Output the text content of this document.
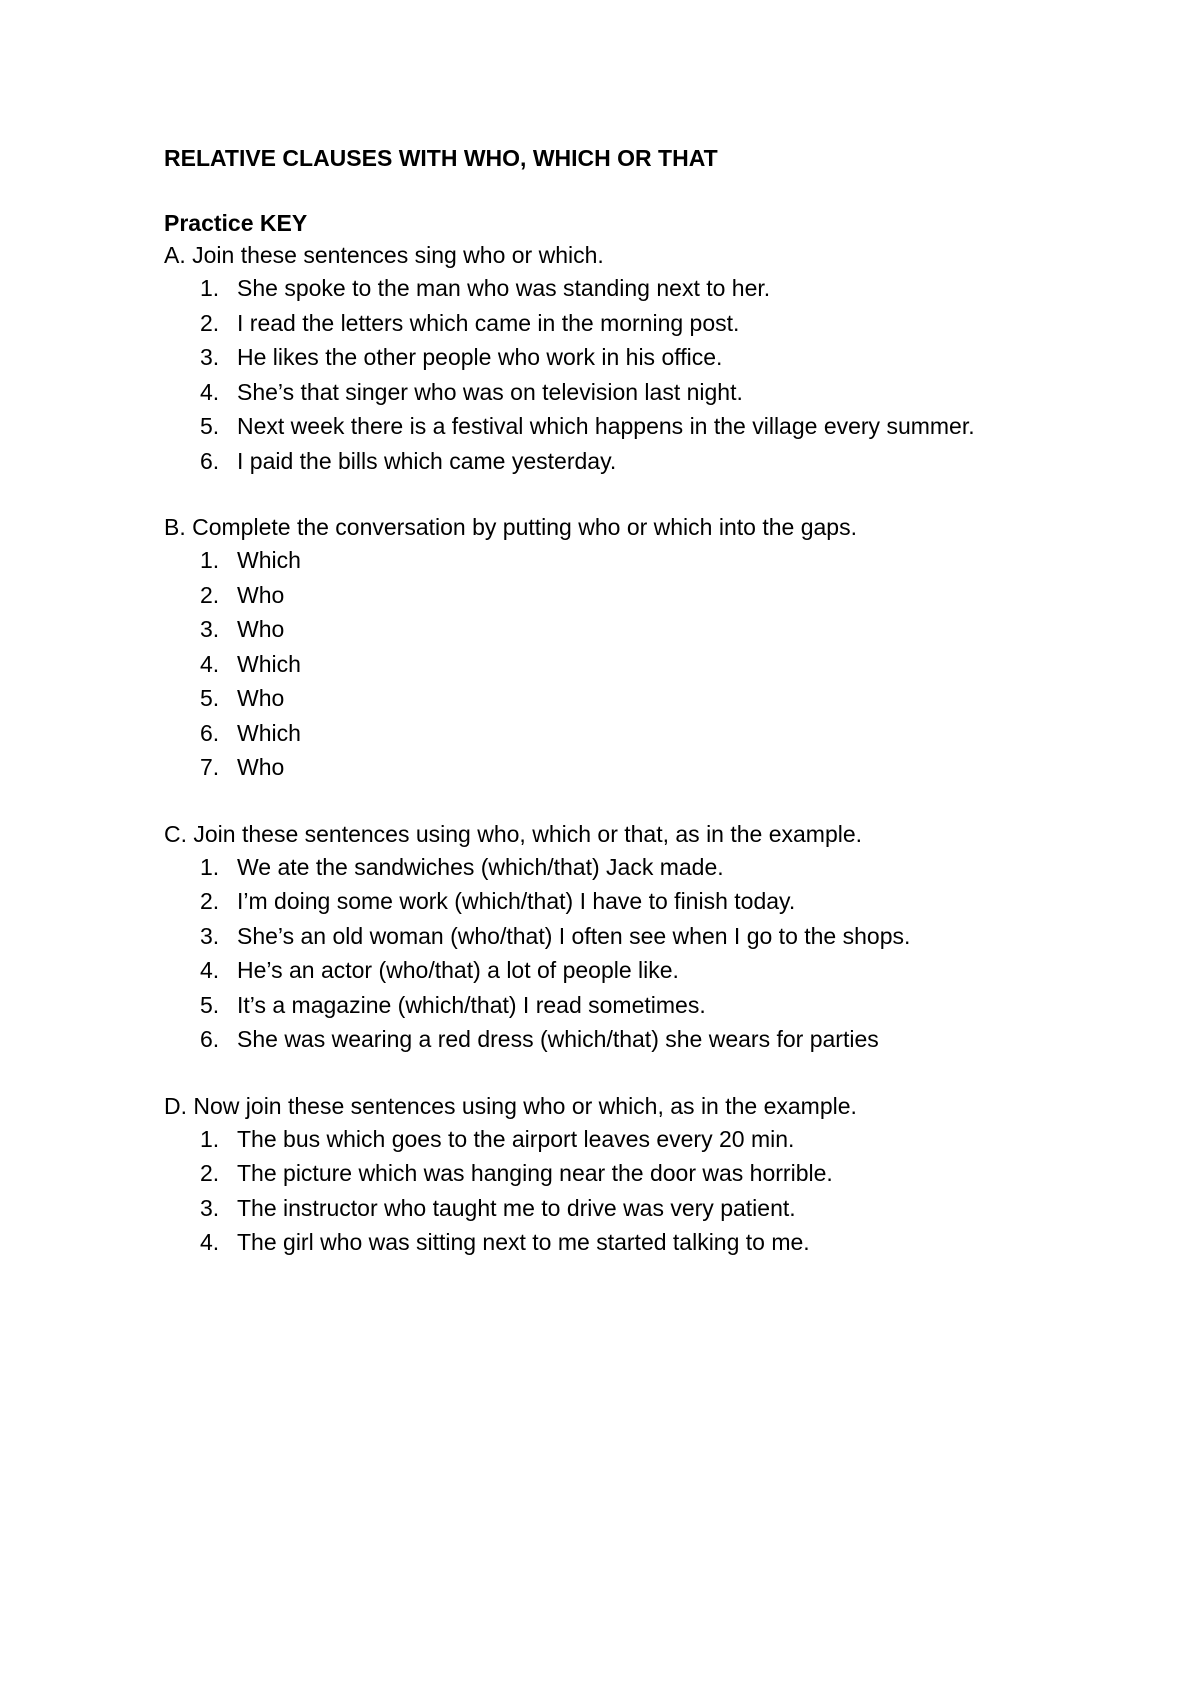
RELATIVE CLAUSES WITH WHO, WHICH OR THAT

Practice KEY

A. Join these sentences sing who or which.

1. She spoke to the man who was standing next to her.
2. I read the letters which came in the morning post.
3. He likes the other people who work in his office.
4. She’s that singer who was on television last night.
5. Next week there is a festival which happens in the village every summer.
6. I paid the bills which came yesterday.

B. Complete the conversation by putting who or which into the gaps.

1. Which
2. Who
3. Who
4. Which
5. Who
6. Which
7. Who

C. Join these sentences using who, which or that, as in the example.

1. We ate the sandwiches (which/that) Jack made.
2. I’m doing some work (which/that) I have to finish today.
3. She’s an old woman (who/that) I often see when I go to the shops.
4. He’s an actor (who/that) a lot of people like.
5. It’s a magazine (which/that) I read sometimes.
6. She was wearing a red dress (which/that) she wears for parties

D. Now join these sentences using who or which, as in the example.

1. The bus which goes to the airport leaves every 20 min.
2. The picture which was hanging near the door was horrible.
3. The instructor who taught me to drive was very patient.
4. The girl who was sitting next to me started talking to me.
